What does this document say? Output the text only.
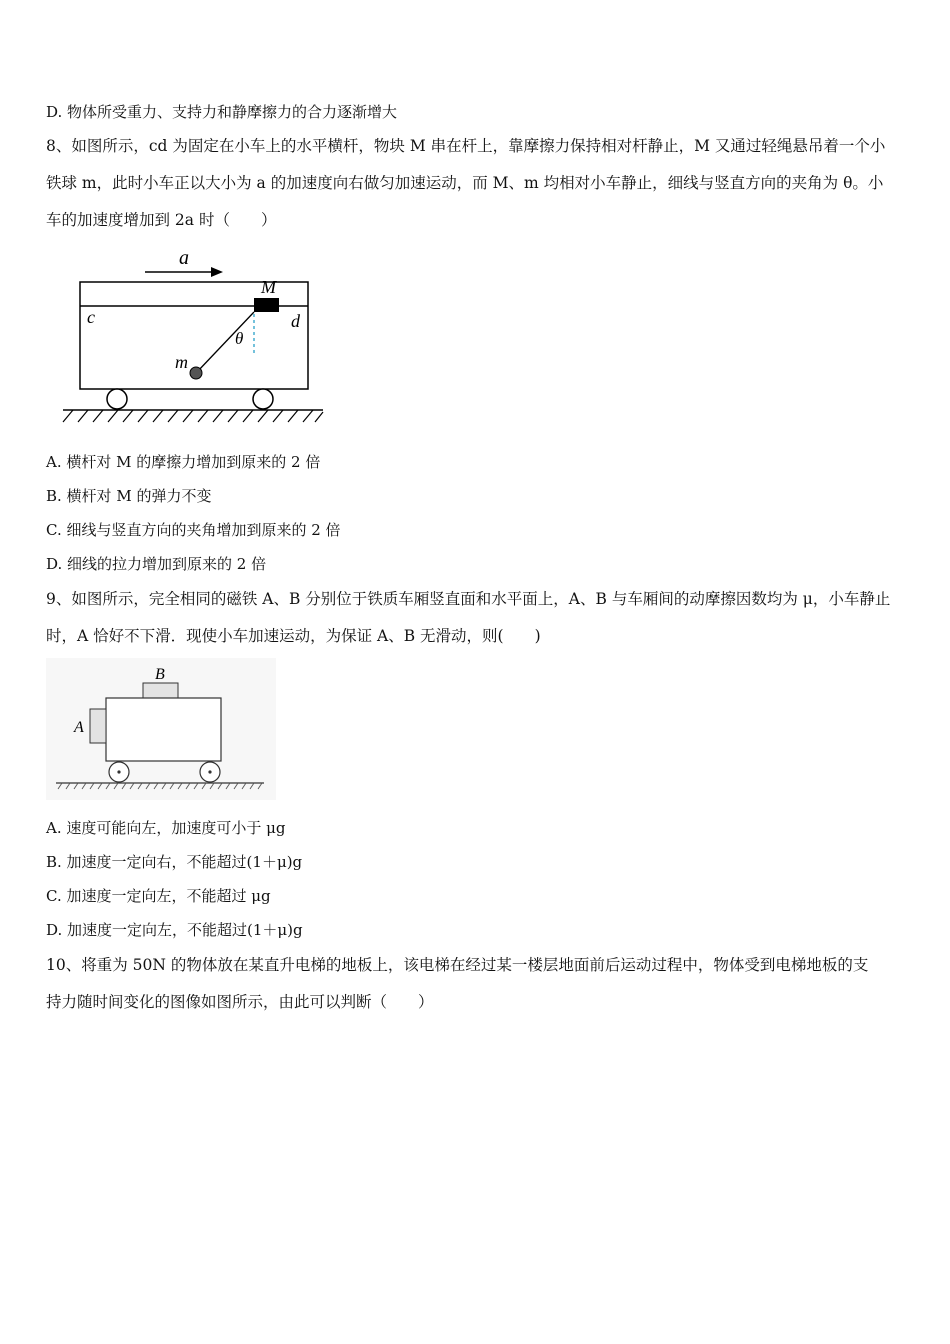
D. 物体所受重力、支持力和静摩擦力的合力逐渐增大
8、如图所示，cd 为固定在小车上的水平横杆，物块 M 串在杆上，靠摩擦力保持相对杆静止，M 又通过轻绳悬吊着一个小
铁球 m，此时小车正以大小为 a 的加速度向右做匀加速运动，而 M、m 均相对小车静止，细线与竖直方向的夹角为 θ。小
车的加速度增加到 2a 时（　　）
a
c	d
M
θ
m
A. 横杆对 M 的摩擦力增加到原来的 2 倍
B. 横杆对 M 的弹力不变
C. 细线与竖直方向的夹角增加到原来的 2 倍
D. 细线的拉力增加到原来的 2 倍
9、如图所示，完全相同的磁铁 A、B 分别位于铁质车厢竖直面和水平面上，A、B 与车厢间的动摩擦因数均为 μ，小车静止
时，A 恰好不下滑．现使小车加速运动，为保证 A、B 无滑动，则(　　)
B
A
A. 速度可能向左，加速度可小于 μg
B. 加速度一定向右，不能超过(1＋μ)g
C. 加速度一定向左，不能超过 μg
D. 加速度一定向左，不能超过(1＋μ)g
10、将重为 50N 的物体放在某直升电梯的地板上，该电梯在经过某一楼层地面前后运动过程中，物体受到电梯地板的支
持力随时间变化的图像如图所示，由此可以判断（　　）
